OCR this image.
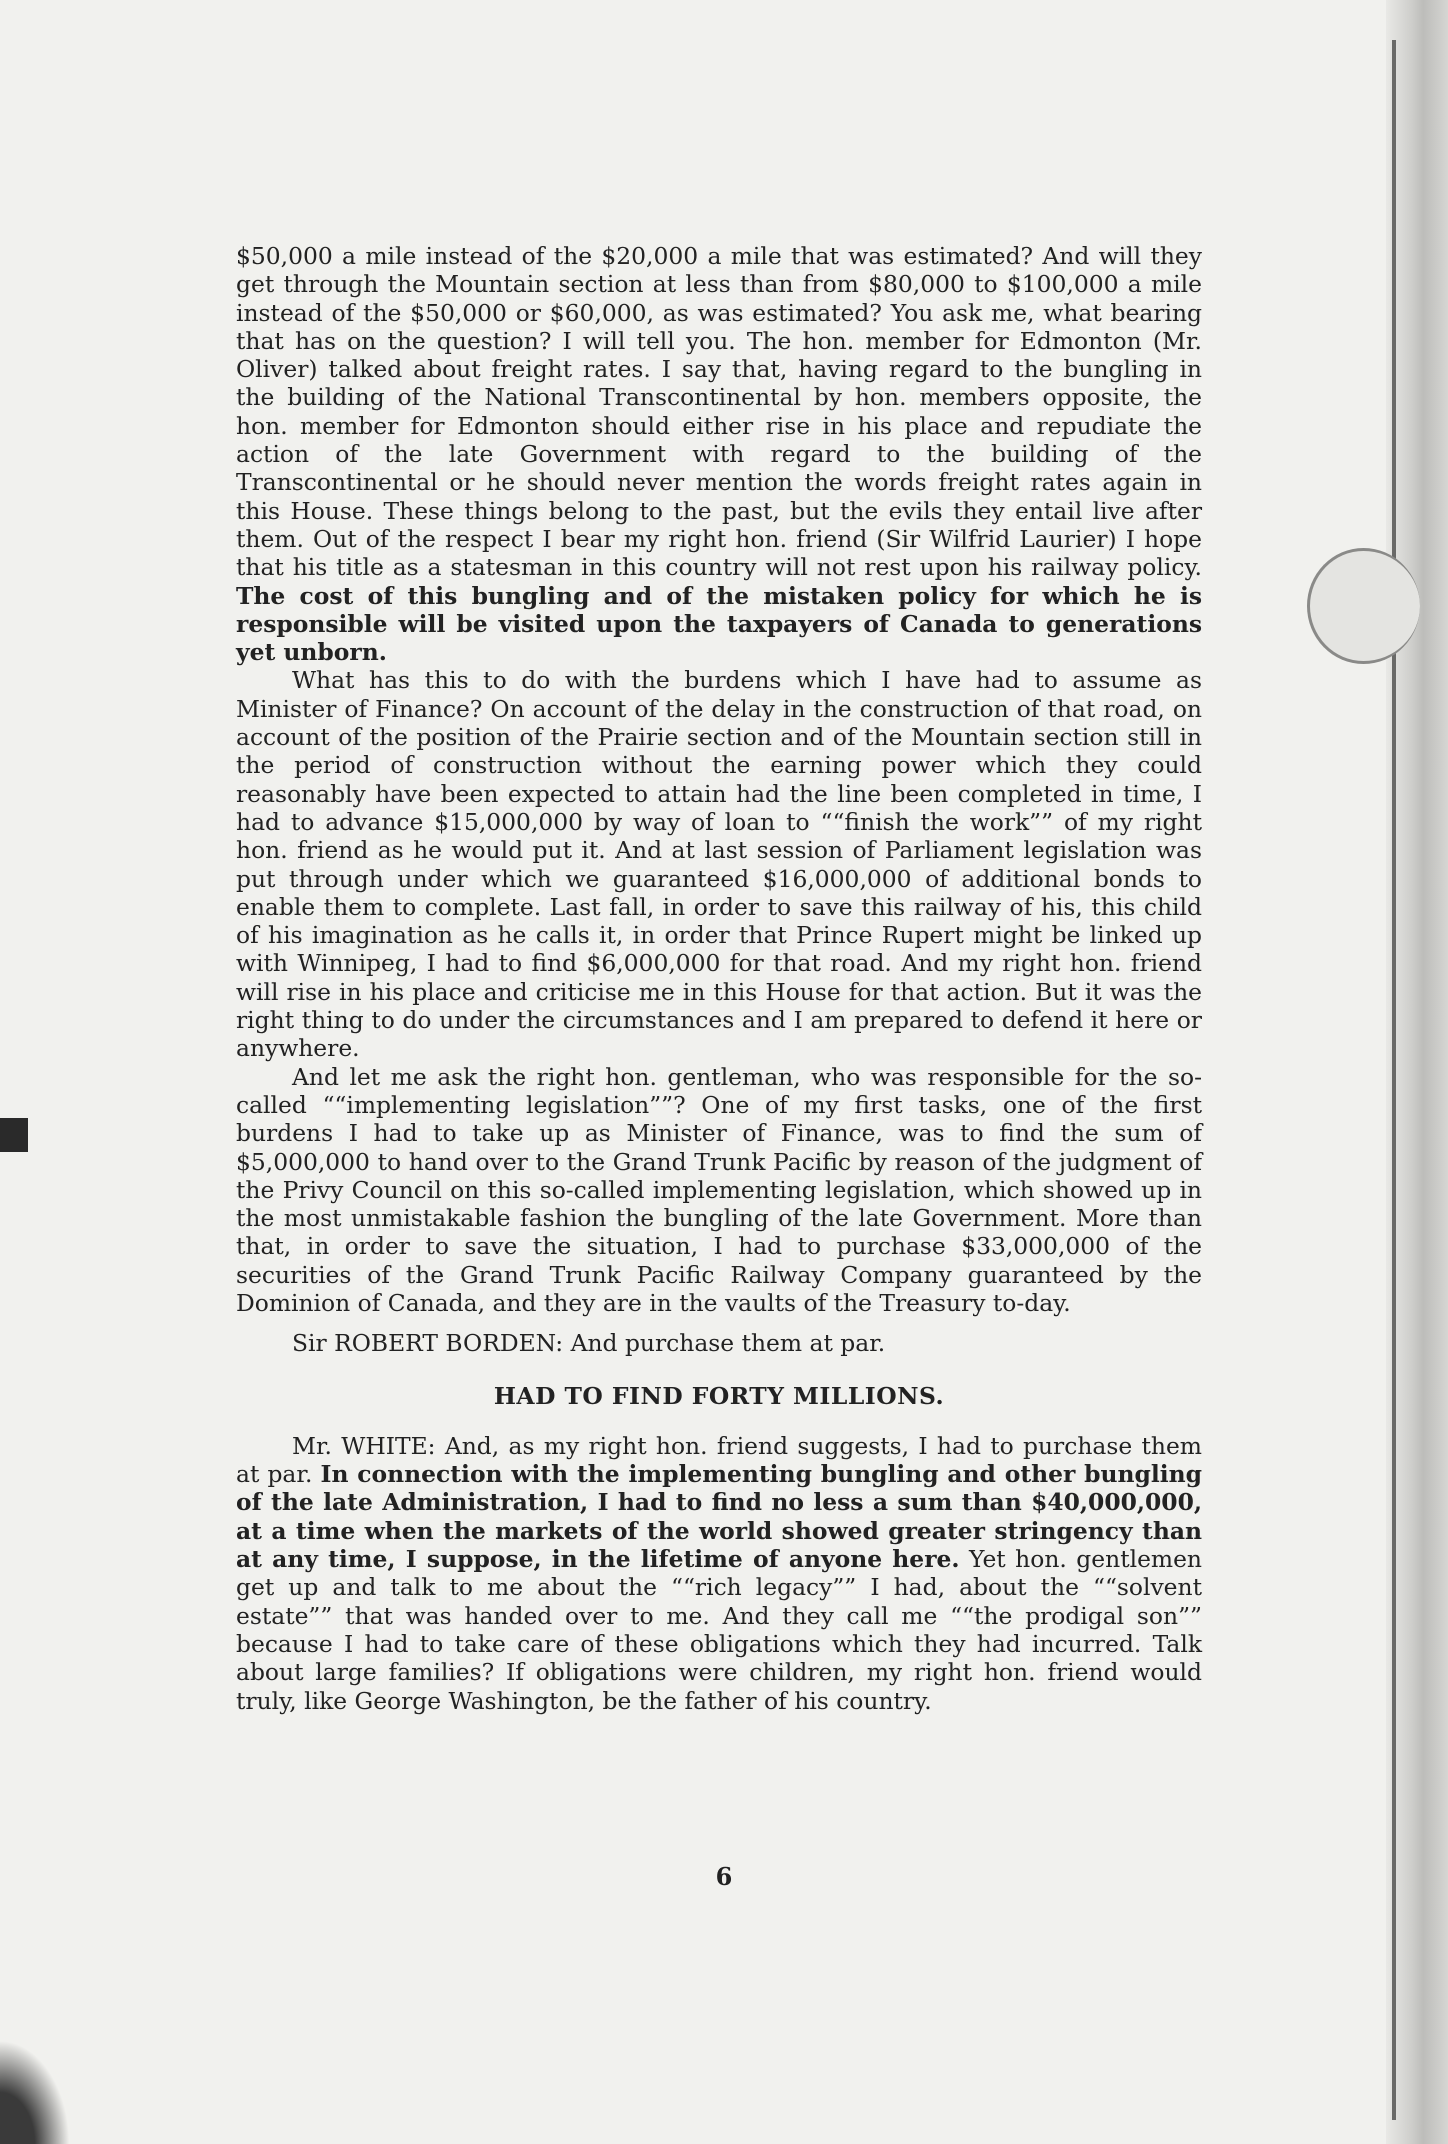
$50,000 a mile instead of the $20,000 a mile that was estimated? And will they get through the Mountain section at less than from $80,000 to $100,000 a mile instead of the $50,000 or $60,000, as was estimated? You ask me, what bearing that has on the question? I will tell you. The hon. member for Edmonton (Mr. Oliver) talked about freight rates. I say that, having regard to the bungling in the building of the National Transcontinental by hon. members opposite, the hon. member for Edmonton should either rise in his place and repudiate the action of the late Government with regard to the building of the Transcontinental or he should never mention the words freight rates again in this House. These things belong to the past, but the evils they entail live after them. Out of the respect I bear my right hon. friend (Sir Wilfrid Laurier) I hope that his title as a statesman in this country will not rest upon his railway policy. The cost of this bungling and of the mistaken policy for which he is responsible will be visited upon the taxpayers of Canada to generations yet unborn.

What has this to do with the burdens which I have had to assume as Minister of Finance? On account of the delay in the construction of that road, on account of the position of the Prairie section and of the Mountain section still in the period of construction without the earning power which they could reasonably have been expected to attain had the line been completed in time, I had to advance $15,000,000 by way of loan to ““finish the work”” of my right hon. friend as he would put it. And at last session of Parliament legislation was put through under which we guaranteed $16,000,000 of additional bonds to enable them to complete. Last fall, in order to save this railway of his, this child of his imagination as he calls it, in order that Prince Rupert might be linked up with Winnipeg, I had to find $6,000,000 for that road. And my right hon. friend will rise in his place and criticise me in this House for that action. But it was the right thing to do under the circumstances and I am prepared to defend it here or anywhere.

And let me ask the right hon. gentleman, who was responsible for the so-called ““implementing legislation””? One of my first tasks, one of the first burdens I had to take up as Minister of Finance, was to find the sum of $5,000,000 to hand over to the Grand Trunk Pacific by reason of the judgment of the Privy Council on this so-called implementing legislation, which showed up in the most unmistakable fashion the bungling of the late Government. More than that, in order to save the situation, I had to purchase $33,000,000 of the securities of the Grand Trunk Pacific Railway Company guaranteed by the Dominion of Canada, and they are in the vaults of the Treasury to-day.

Sir ROBERT BORDEN: And purchase them at par.

HAD TO FIND FORTY MILLIONS.

Mr. WHITE: And, as my right hon. friend suggests, I had to purchase them at par. In connection with the implementing bungling and other bungling of the late Administration, I had to find no less a sum than $40,000,000, at a time when the markets of the world showed greater stringency than at any time, I suppose, in the lifetime of anyone here. Yet hon. gentlemen get up and talk to me about the ““rich legacy”” I had, about the ““solvent estate”” that was handed over to me. And they call me ““the prodigal son”” because I had to take care of these obligations which they had incurred. Talk about large families? If obligations were children, my right hon. friend would truly, like George Washington, be the father of his country.

6
